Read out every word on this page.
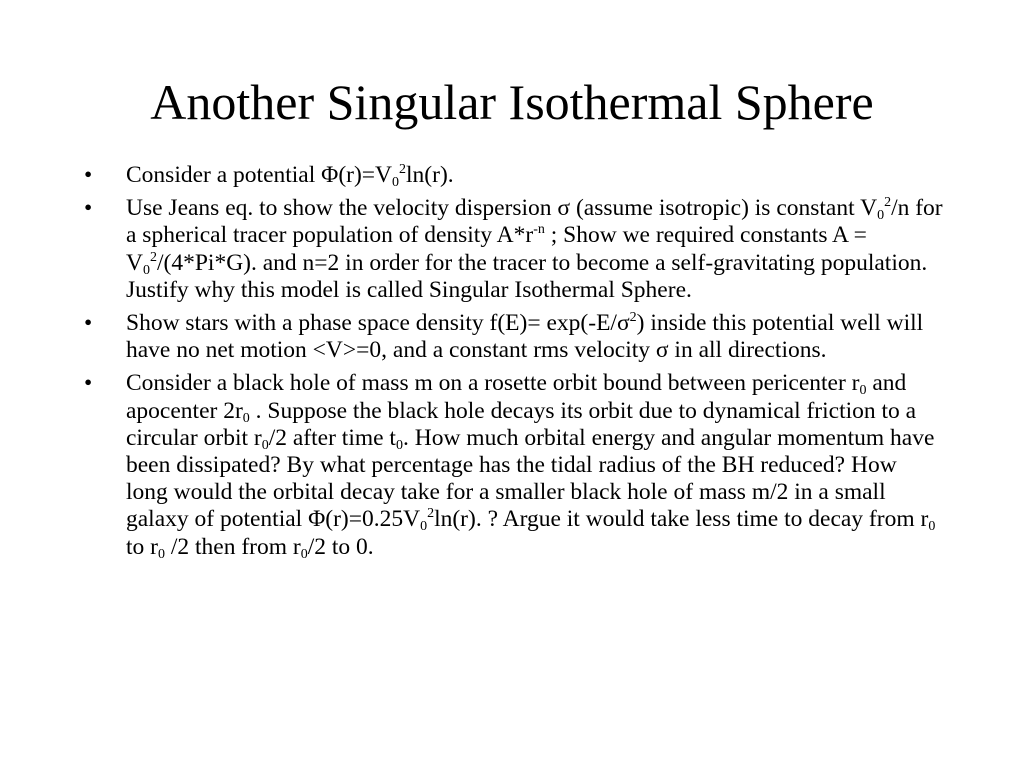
Another Singular Isothermal Sphere
•	Consider a potential $\Phi(r)=V_0^2\ln(r)$.
•	Use Jeans eq. to show the velocity dispersion σ (assume isotropic) is constant $V_0^2/n$ for a spherical tracer population of density $A*r^{-n}$ ; Show we required constants $A = V_0^2/(4*Pi*G)$. and n=2 in order for the tracer to become a self-gravitating population. Justify why this model is called Singular Isothermal Sphere.
•	Show stars with a phase space density $f(E)= \exp(-E/\sigma^2)$ inside this potential well will have no net motion <V>=0, and a constant rms velocity σ in all directions.
•	Consider a black hole of mass m on a rosette orbit bound between pericenter $r_0$ and apocenter $2r_0$ . Suppose the black hole decays its orbit due to dynamical friction to a circular orbit $r_0/2$ after time $t_0$. How much orbital energy and angular momentum have been dissipated? By what percentage has the tidal radius of the BH reduced? How long would the orbital decay take for a smaller black hole of mass m/2 in a small galaxy of potential $\Phi(r)=0.25V_0^2\ln(r)$. ? Argue it would take less time to decay from $r_0$ to $r_0$ /2 then from $r_0/2$ to 0.
